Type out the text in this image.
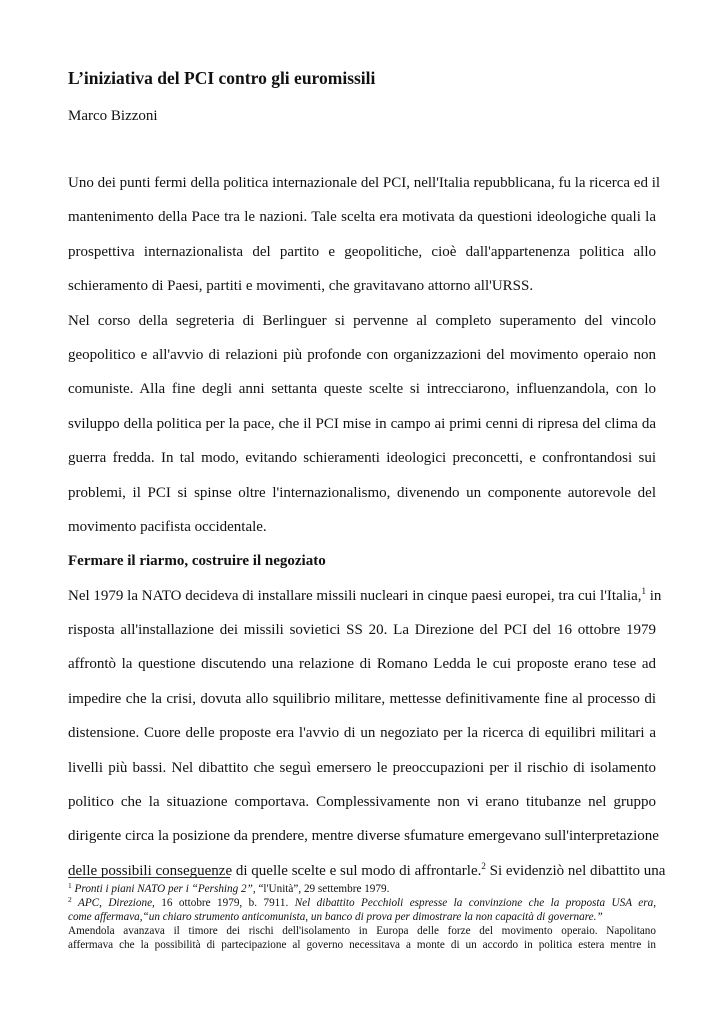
L’iniziativa del PCI contro gli euromissili
Marco Bizzoni
Uno dei punti fermi della politica internazionale del PCI, nell'Italia repubblicana, fu la ricerca ed il
mantenimento della Pace tra le nazioni. Tale scelta era motivata da questioni ideologiche quali la
prospettiva internazionalista del partito e geopolitiche, cioè dall'appartenenza politica allo
schieramento di Paesi, partiti e movimenti, che gravitavano attorno all'URSS.
Nel corso della segreteria di Berlinguer si pervenne al completo superamento del vincolo
geopolitico e all'avvio di relazioni più profonde con organizzazioni del movimento operaio non
comuniste. Alla fine degli anni settanta queste scelte si intrecciarono, influenzandola, con lo
sviluppo della politica per la pace, che il PCI mise in campo ai primi cenni di ripresa del clima da
guerra fredda. In tal modo, evitando schieramenti ideologici preconcetti, e confrontandosi sui
problemi, il PCI si spinse oltre l'internazionalismo, divenendo un componente autorevole del
movimento pacifista occidentale.
Fermare il riarmo, costruire il negoziato
Nel 1979 la NATO decideva di installare missili nucleari in cinque paesi europei, tra cui l'Italia,$^1$ in
risposta all'installazione dei missili sovietici SS 20. La Direzione del PCI del 16 ottobre 1979
affrontò la questione discutendo una relazione di Romano Ledda le cui proposte erano tese ad
impedire che la crisi, dovuta allo squilibrio militare, mettesse definitivamente fine al processo di
distensione. Cuore delle proposte era l'avvio di un negoziato per la ricerca di equilibri militari a
livelli più bassi. Nel dibattito che seguì emersero le preoccupazioni per il rischio di isolamento
politico che la situazione comportava. Complessivamente non vi erano titubanze nel gruppo
dirigente circa la posizione da prendere, mentre diverse sfumature emergevano sull'interpretazione
delle possibili conseguenze di quelle scelte e sul modo di affrontarle.$^2$ Si evidenziò nel dibattito una
$^1$ Pronti i piani NATO per i “Pershing 2”, “l'Unità”, 29 settembre 1979.
$^2$ APC, Direzione, 16 ottobre 1979, b. 7911. Nel dibattito Pecchioli espresse la convinzione che la proposta USA era,
come affermava,“un chiaro strumento anticomunista, un banco di prova per dimostrare la non capacità di governare.”
Amendola avanzava il timore dei rischi dell'isolamento in Europa delle forze del movimento operaio. Napolitano
affermava che la possibilità di partecipazione al governo necessitava a monte di un accordo in politica estera mentre in
